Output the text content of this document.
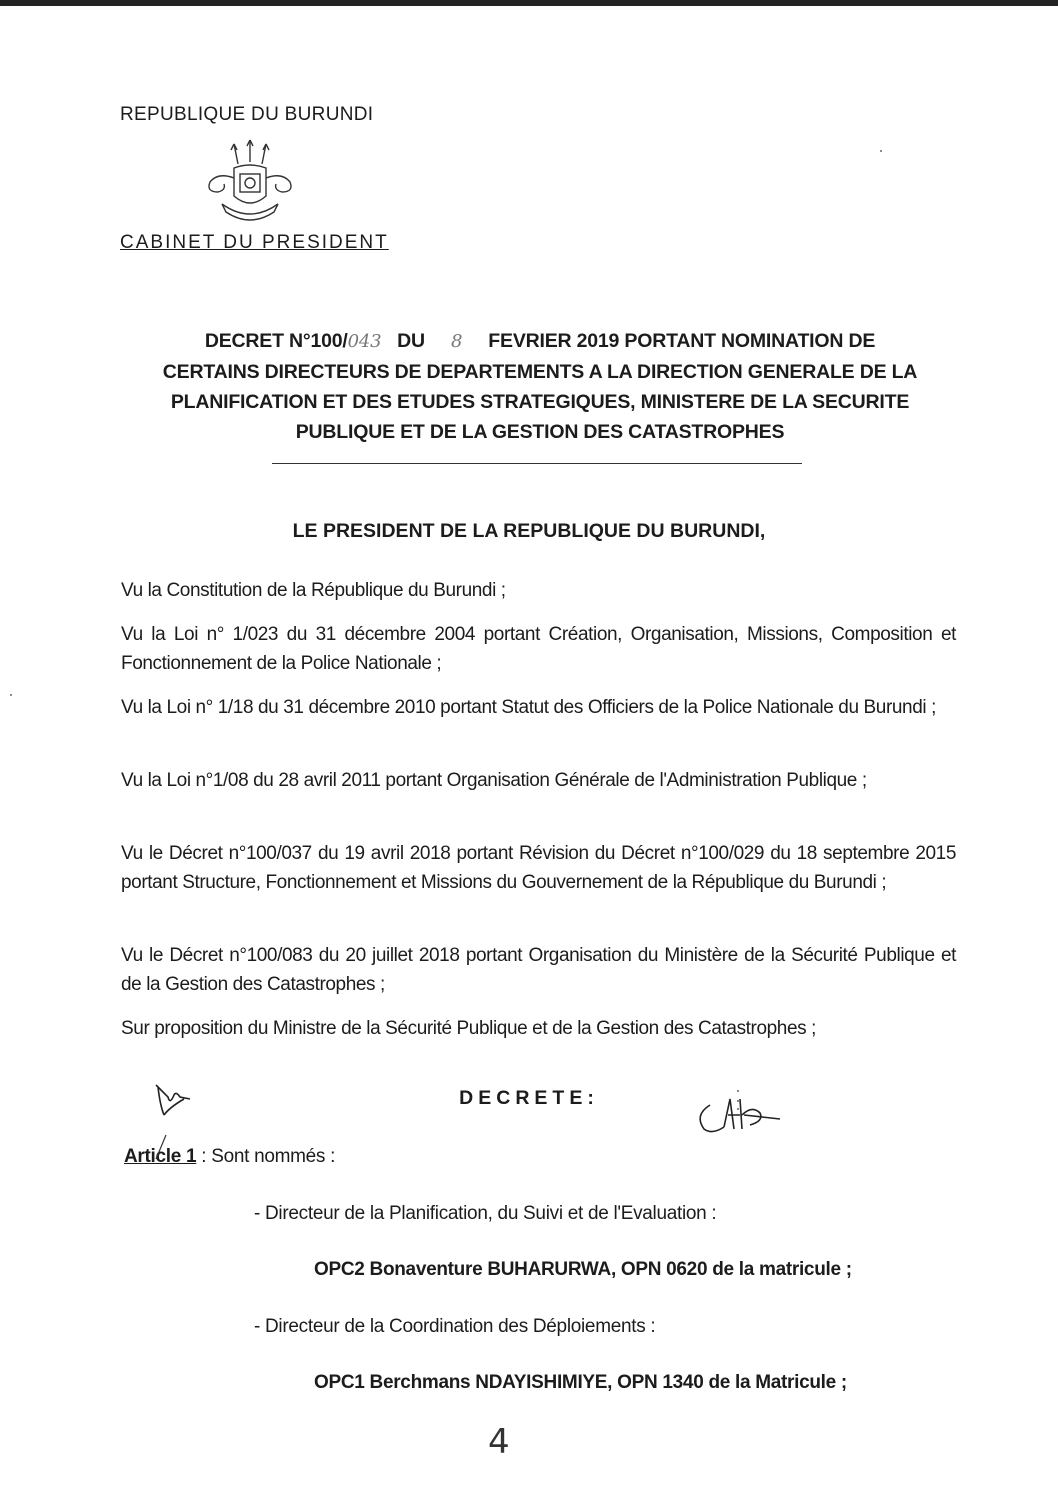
REPUBLIQUE DU BURUNDI
CABINET DU PRESIDENT
DECRET N°100/043 DU 8 FEVRIER 2019 PORTANT NOMINATION DE
CERTAINS DIRECTEURS DE DEPARTEMENTS A LA DIRECTION GENERALE DE LA
PLANIFICATION ET DES ETUDES STRATEGIQUES, MINISTERE DE LA SECURITE
PUBLIQUE ET DE LA GESTION DES CATASTROPHES
LE PRESIDENT DE LA REPUBLIQUE DU BURUNDI,
Vu la Constitution de la République du Burundi ;
Vu la Loi n° 1/023 du 31 décembre 2004 portant Création, Organisation, Missions, Composition et Fonctionnement de la Police Nationale ;
Vu la Loi n° 1/18 du 31 décembre 2010 portant Statut des Officiers de la Police Nationale du Burundi ;
Vu la Loi n°1/08 du 28 avril 2011 portant Organisation Générale de l'Administration Publique ;
Vu le Décret n°100/037 du 19 avril 2018 portant Révision du Décret n°100/029 du 18 septembre 2015 portant Structure, Fonctionnement et Missions du Gouvernement de la République du Burundi ;
Vu le Décret n°100/083 du 20 juillet 2018 portant Organisation du Ministère de la Sécurité Publique et de la Gestion des Catastrophes ;
Sur proposition du Ministre de la Sécurité Publique et de la Gestion des Catastrophes ;
DECRETE:
Article 1 : Sont nommés :
- Directeur de la Planification, du Suivi et de l'Evaluation :
OPC2 Bonaventure BUHARURWA, OPN 0620 de la matricule ;
- Directeur de la Coordination des Déploiements :
OPC1 Berchmans NDAYISHIMIYE, OPN 1340 de la Matricule ;
4
